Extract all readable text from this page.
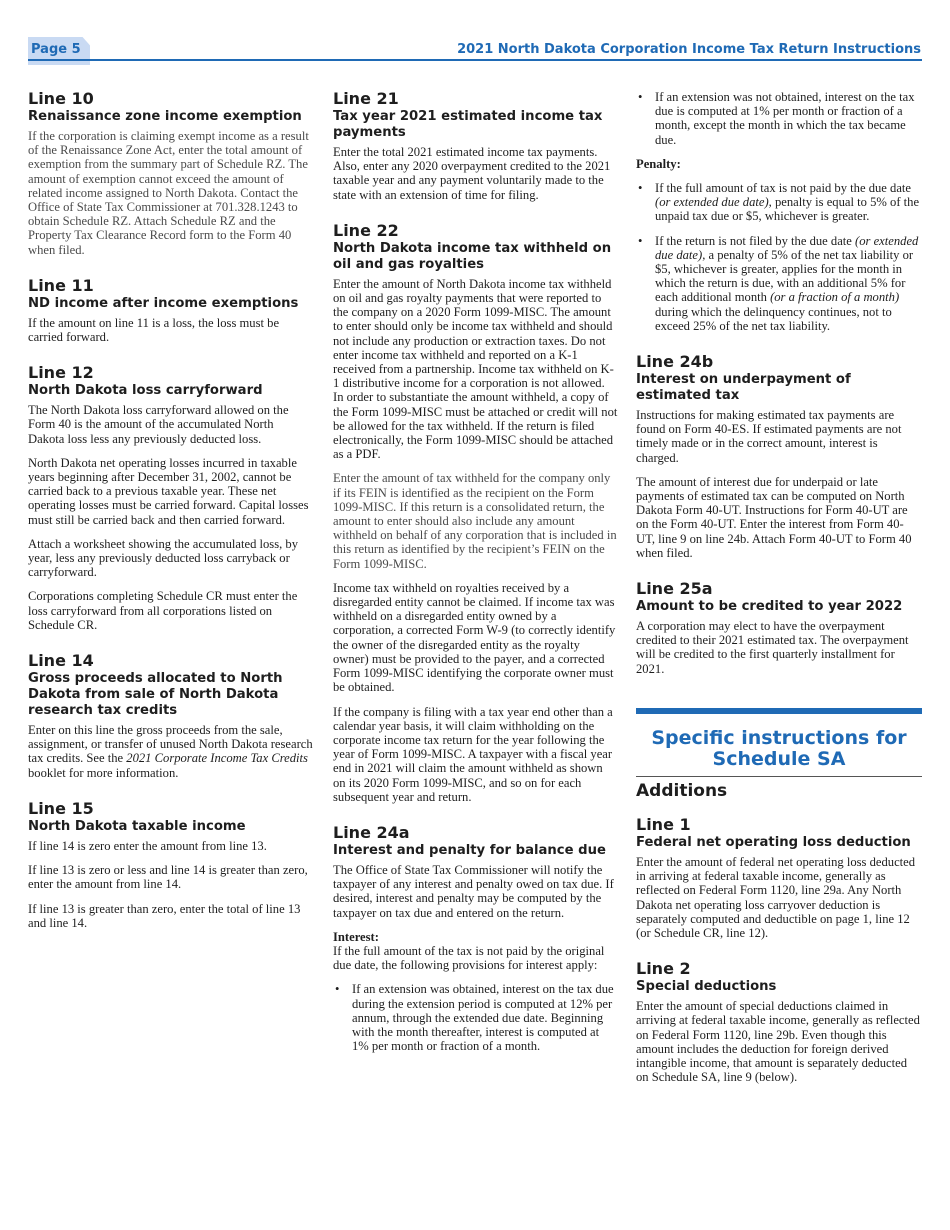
Page 5	2021 North Dakota Corporation Income Tax Return Instructions
Line 10
Renaissance zone income exemption

If the corporation is claiming exempt income as a result of the Renaissance Zone Act, enter the total amount of exemption from the summary part of Schedule RZ. The amount of exemption cannot exceed the amount of related income assigned to North Dakota. Contact the Office of State Tax Commissioner at 701.328.1243 to obtain Schedule RZ. Attach Schedule RZ and the Property Tax Clearance Record form to the Form 40 when filed.

Line 11
ND income after income exemptions

If the amount on line 11 is a loss, the loss must be carried forward.

Line 12
North Dakota loss carryforward

The North Dakota loss carryforward allowed on the Form 40 is the amount of the accumulated North Dakota loss less any previously deducted loss.

North Dakota net operating losses incurred in taxable years beginning after December 31, 2002, cannot be carried back to a previous taxable year. These net operating losses must be carried forward. Capital losses must still be carried back and then carried forward.

Attach a worksheet showing the accumulated loss, by year, less any previously deducted loss carryback or carryforward.

Corporations completing Schedule CR must enter the loss carryforward from all corporations listed on Schedule CR.

Line 14
Gross proceeds allocated to North Dakota from sale of North Dakota research tax credits

Enter on this line the gross proceeds from the sale, assignment, or transfer of unused North Dakota research tax credits. See the 2021 Corporate Income Tax Credits booklet for more information.

Line 15
North Dakota taxable income

If line 14 is zero enter the amount from line 13.

If line 13 is zero or less and line 14 is greater than zero, enter the amount from line 14.

If line 13 is greater than zero, enter the total of line 13 and line 14.

Line 21
Tax year 2021 estimated income tax payments

Enter the total 2021 estimated income tax payments. Also, enter any 2020 overpayment credited to the 2021 taxable year and any payment voluntarily made to the state with an extension of time for filing.

Line 22
North Dakota income tax withheld on oil and gas royalties

Enter the amount of North Dakota income tax withheld on oil and gas royalty payments that were reported to the company on a 2020 Form 1099-MISC. The amount to enter should only be income tax withheld and should not include any production or extraction taxes. Do not enter income tax withheld and reported on a K-1 received from a partnership. Income tax withheld on K-1 distributive income for a corporation is not allowed. In order to substantiate the amount withheld, a copy of the Form 1099-MISC must be attached or credit will not be allowed for the tax withheld. If the return is filed electronically, the Form 1099-MISC should be attached as a PDF.

Enter the amount of tax withheld for the company only if its FEIN is identified as the recipient on the Form 1099-MISC. If this return is a consolidated return, the amount to enter should also include any amount withheld on behalf of any corporation that is included in this return as identified by the recipient’s FEIN on the Form 1099-MISC.

Income tax withheld on royalties received by a disregarded entity cannot be claimed. If income tax was withheld on a disregarded entity owned by a corporation, a corrected Form W-9 (to correctly identify the owner of the disregarded entity as the royalty owner) must be provided to the payer, and a corrected Form 1099-MISC identifying the corporate owner must be obtained.

If the company is filing with a tax year end other than a calendar year basis, it will claim withholding on the corporate income tax return for the year following the year of Form 1099-MISC. A taxpayer with a fiscal year end in 2021 will claim the amount withheld as shown on its 2020 Form 1099-MISC, and so on for each subsequent year and return.

Line 24a
Interest and penalty for balance due

The Office of State Tax Commissioner will notify the taxpayer of any interest and penalty owed on tax due. If desired, interest and penalty may be computed by the taxpayer on tax due and entered on the return.

Interest:

If the full amount of the tax is not paid by the original due date, the following provisions for interest apply:

• If an extension was obtained, interest on the tax due during the extension period is computed at 12% per annum, through the extended due date. Beginning with the month thereafter, interest is computed at 1% per month or fraction of a month.
• If an extension was not obtained, interest on the tax due is computed at 1% per month or fraction of a month, except the month in which the tax became due.

Penalty:

• If the full amount of tax is not paid by the due date (or extended due date), penalty is equal to 5% of the unpaid tax due or $5, whichever is greater.
• If the return is not filed by the due date (or extended due date), a penalty of 5% of the net tax liability or $5, whichever is greater, applies for the month in which the return is due, with an additional 5% for each additional month (or a fraction of a month) during which the delinquency continues, not to exceed 25% of the net tax liability.
Line 24b
Interest on underpayment of estimated tax

Instructions for making estimated tax payments are found on Form 40-ES. If estimated payments are not timely made or in the correct amount, interest is charged.

The amount of interest due for underpaid or late payments of estimated tax can be computed on North Dakota Form 40-UT. Instructions for Form 40-UT are on the Form 40-UT. Enter the interest from Form 40-UT, line 9 on line 24b. Attach Form 40-UT to Form 40 when filed.

Line 25a
Amount to be credited to year 2022

A corporation may elect to have the overpayment credited to their 2021 estimated tax. The overpayment will be credited to the first quarterly installment for 2021.

Specific instructions for Schedule SA
Additions
Line 1
Federal net operating loss deduction

Enter the amount of federal net operating loss deducted in arriving at federal taxable income, generally as reflected on Federal Form 1120, line 29a. Any North Dakota net operating loss carryover deduction is separately computed and deductible on page 1, line 12 (or Schedule CR, line 12).

Line 2
Special deductions

Enter the amount of special deductions claimed in arriving at federal taxable income, generally as reflected on Federal Form 1120, line 29b. Even though this amount includes the deduction for foreign derived intangible income, that amount is separately deducted on Schedule SA, line 9 (below).
